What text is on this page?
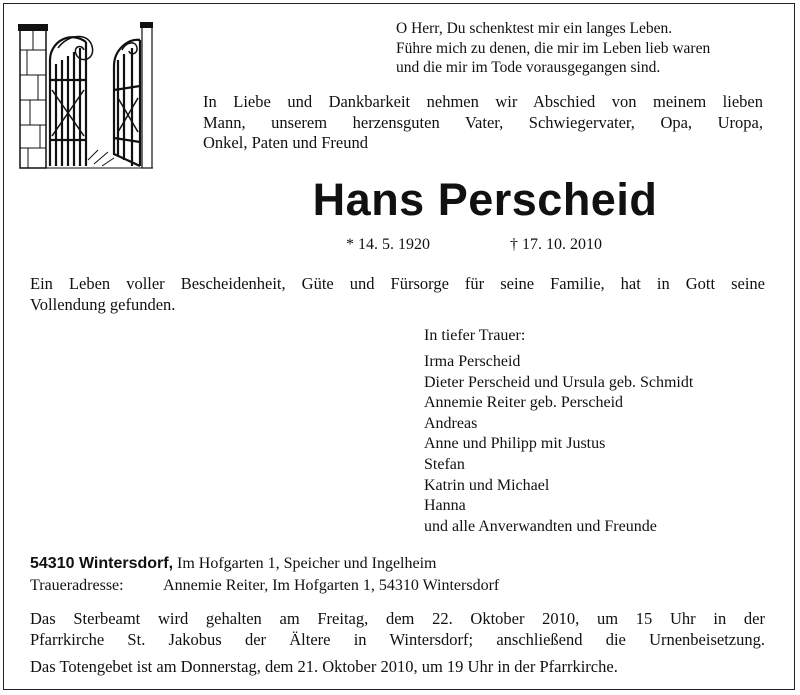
O Herr, Du schenktest mir ein langes Leben.
Führe mich zu denen, die mir im Leben lieb waren
und die mir im Tode vorausgegangen sind.
In Liebe und Dankbarkeit nehmen wir Abschied von meinem lieben
Mann, unserem herzensguten Vater, Schwiegervater, Opa, Uropa,
Onkel, Paten und Freund
Hans Perscheid
* 14. 5. 1920	† 17. 10. 2010
Ein Leben voller Bescheidenheit, Güte und Fürsorge für seine Familie, hat in Gott seine
Vollendung gefunden.
In tiefer Trauer:
Irma Perscheid
Dieter Perscheid und Ursula geb. Schmidt
Annemie Reiter geb. Perscheid
Andreas
Anne und Philipp mit Justus
Stefan
Katrin und Michael
Hanna
und alle Anverwandten und Freunde
54310 Wintersdorf, Im Hofgarten 1, Speicher und Ingelheim
Traueradresse: Annemie Reiter, Im Hofgarten 1, 54310 Wintersdorf
Das Sterbeamt wird gehalten am Freitag, dem 22. Oktober 2010, um 15 Uhr in der
Pfarrkirche St. Jakobus der Ältere in Wintersdorf; anschließend die Urnenbeisetzung.
Das Totengebet ist am Donnerstag, dem 21. Oktober 2010, um 19 Uhr in der Pfarrkirche.
